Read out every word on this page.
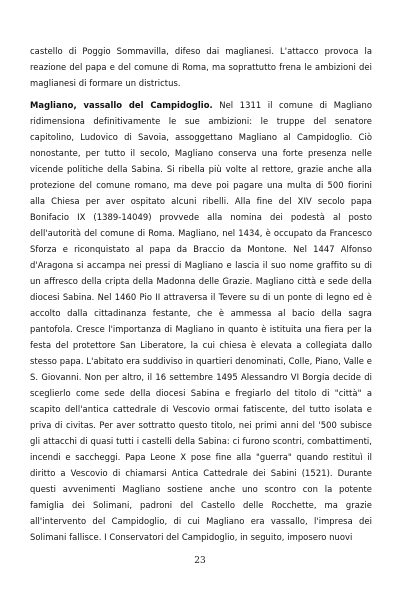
castello di Poggio Sommavilla, difeso dai maglianesi. L'attacco provoca la reazione del papa e del comune di Roma, ma soprattutto frena le ambizioni dei maglianesi di formare un districtus.

Magliano, vassallo del Campidoglio. Nel 1311 il comune di Magliano ridimensiona definitivamente le sue ambizioni: le truppe del senatore capitolino, Ludovico di Savoia, assoggettano Magliano al Campidoglio. Ciò nonostante, per tutto il secolo, Magliano conserva una forte presenza nelle vicende politiche della Sabina. Si ribella più volte al rettore, grazie anche alla protezione del comune romano, ma deve poi pagare una multa di 500 fiorini alla Chiesa per aver ospitato alcuni ribelli. Alla fine del XIV secolo papa Bonifacio IX (1389-14049) provvede alla nomina dei podestà al posto dell'autorità del comune di Roma. Magliano, nel 1434, è occupato da Francesco Sforza e riconquistato al papa da Braccio da Montone. Nel 1447 Alfonso d'Aragona si accampa nei pressi di Magliano e lascia il suo nome graffito su di un affresco della cripta della Madonna delle Grazie. Magliano città e sede della diocesi Sabina. Nel 1460 Pio II attraversa il Tevere su di un ponte di legno ed è accolto dalla cittadinanza festante, che è ammessa al bacio della sagra pantofola. Cresce l'importanza di Magliano in quanto è istituita una fiera per la festa del protettore San Liberatore, la cui chiesa è elevata a collegiata dallo stesso papa. L'abitato era suddiviso in quartieri denominati, Colle, Piano, Valle e S. Giovanni. Non per altro, il 16 settembre 1495 Alessandro VI Borgia decide di sceglierlo come sede della diocesi Sabina e fregiarlo del titolo di "città" a scapito dell'antica cattedrale di Vescovio ormai fatiscente, del tutto isolata e priva di civitas. Per aver sottratto questo titolo, nei primi anni del '500 subisce gli attacchi di quasi tutti i castelli della Sabina: ci furono scontri, combattimenti, incendi e saccheggi. Papa Leone X pose fine alla "guerra" quando restituì il diritto a Vescovio di chiamarsi Antica Cattedrale dei Sabini (1521). Durante questi avvenimenti Magliano sostiene anche uno scontro con la potente famiglia dei Solimani, padroni del Castello delle Rocchette, ma grazie all'intervento del Campidoglio, di cui Magliano era vassallo, l'impresa dei Solimani fallisce. I Conservatori del Campidoglio, in seguito, imposero nuovi

23
